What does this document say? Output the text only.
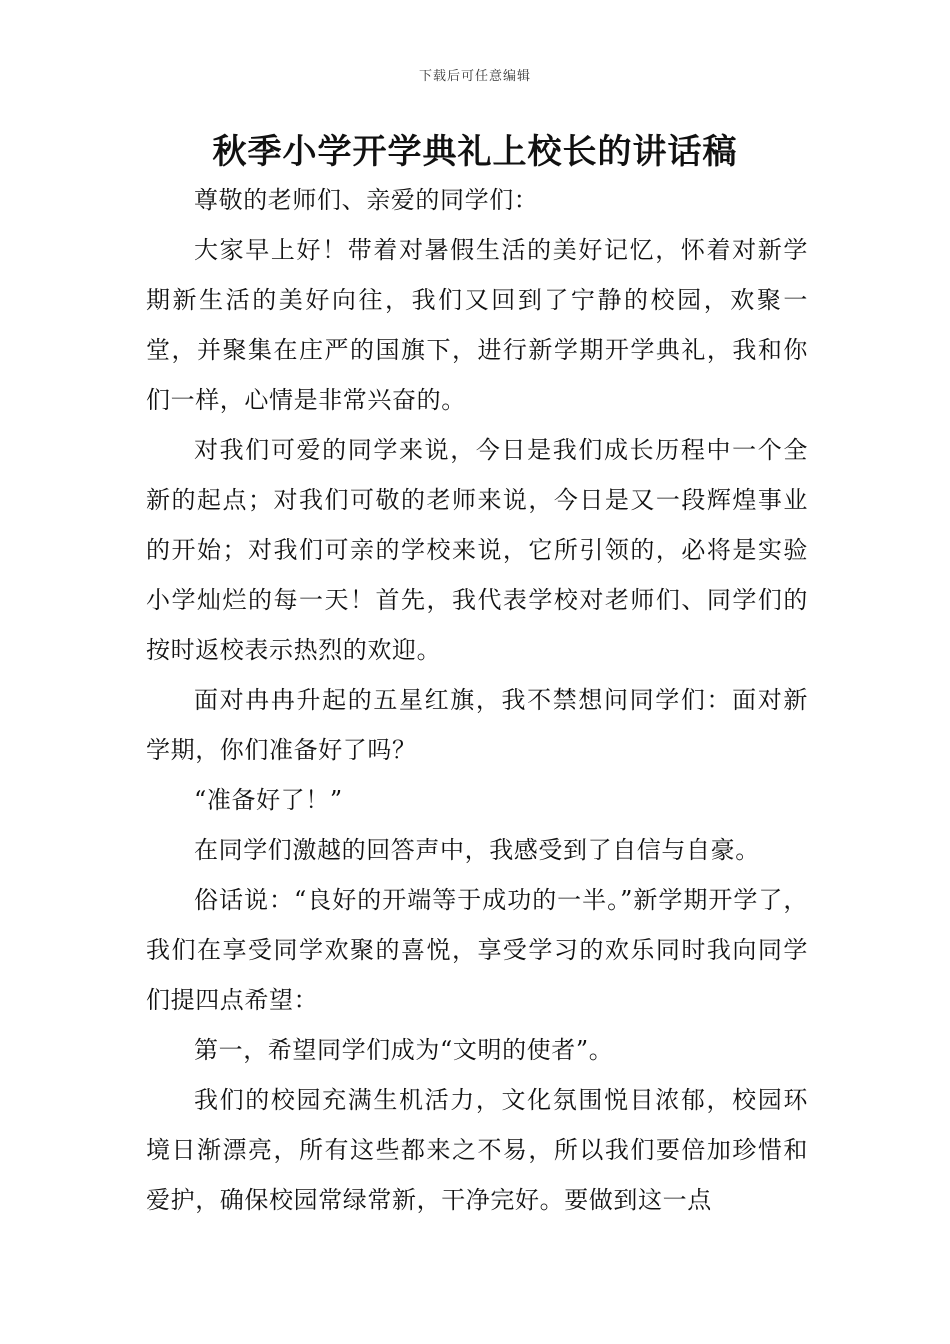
下载后可任意编辑
秋季小学开学典礼上校长的讲话稿

尊敬的老师们、亲爱的同学们：

大家早上好！带着对暑假生活的美好记忆，怀着对新学期新生活的美好向往，我们又回到了宁静的校园，欢聚一堂，并聚集在庄严的国旗下，进行新学期开学典礼，我和你们一样，心情是非常兴奋的。

对我们可爱的同学来说，今日是我们成长历程中一个全新的起点；对我们可敬的老师来说，今日是又一段辉煌事业的开始；对我们可亲的学校来说，它所引领的，必将是实验小学灿烂的每一天！首先，我代表学校对老师们、同学们的按时返校表示热烈的欢迎。

面对冉冉升起的五星红旗，我不禁想问同学们：面对新学期，你们准备好了吗？

“准备好了！”

在同学们激越的回答声中，我感受到了自信与自豪。

俗话说：“良好的开端等于成功的一半。”新学期开学了，我们在享受同学欢聚的喜悦，享受学习的欢乐同时我向同学们提四点希望：

第一，希望同学们成为“文明的使者”。

我们的校园充满生机活力，文化氛围悦目浓郁，校园环境日渐漂亮，所有这些都来之不易，所以我们要倍加珍惜和爱护，确保校园常绿常新，干净完好。要做到这一点
